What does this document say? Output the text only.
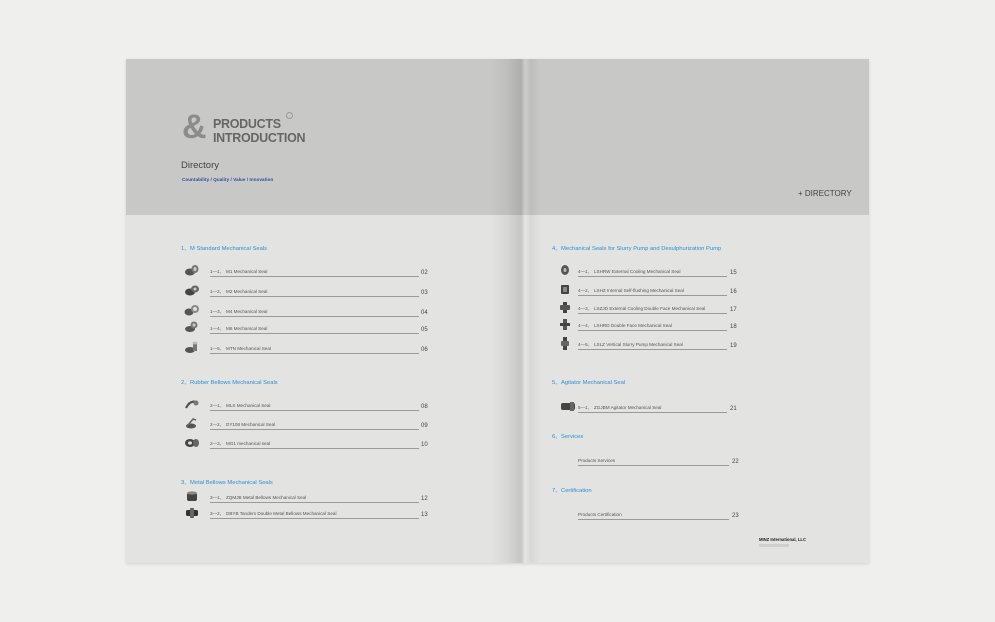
& PRODUCTS
INTRODUCTION
Directory
Countability / Quality / Value / Innovation
+ DIRECTORY
1、M Standard Mechanical Seals
1—1、 M1 Mechanical Seal	02
1—2、 M2 Mechanical Seal	03
1—3、 M4 Mechanical Seal	04
1—4、 M6 Mechanical Seal	05
1—5、 MTN Mechanical Seal	06
2、Rubber Bellows Mechanical Seals
2—1、 MLS Mechanical Seal	08
2—2、 DY108 Mechanical Seal	09
2—3、 MG1 mechanical seal	10
3、Metal Bellows Mechanical Seals
3—1、 ZQMJB Metal Bellows Mechanical Seal	12
3—2、 DBYB Tandem Double Metal Bellows Mechanical Seal	13
4、Mechanical Seals for Slurry Pump and Desulphurization Pump
4—1、 LSHRW External Cooling Mechanical Seal	15
4—2、 LSHZ Internal Self-flushing Mechanical Seal	16
4—3、 LSZJD External Cooling Double Face Mechanical Seal	17
4—4、 LSHRD Double Face Mechanical Seal	18
4—5、 LSLZ Vertical Slurry Pump Mechanical Seal	19
5、Agitator Mechanical Seal
5—1、 ZGJBM Agitator Mechanical Seal	21
6、Services
Products Services	22
7、Certification
Products Certification	23
MINZ International, LLC
